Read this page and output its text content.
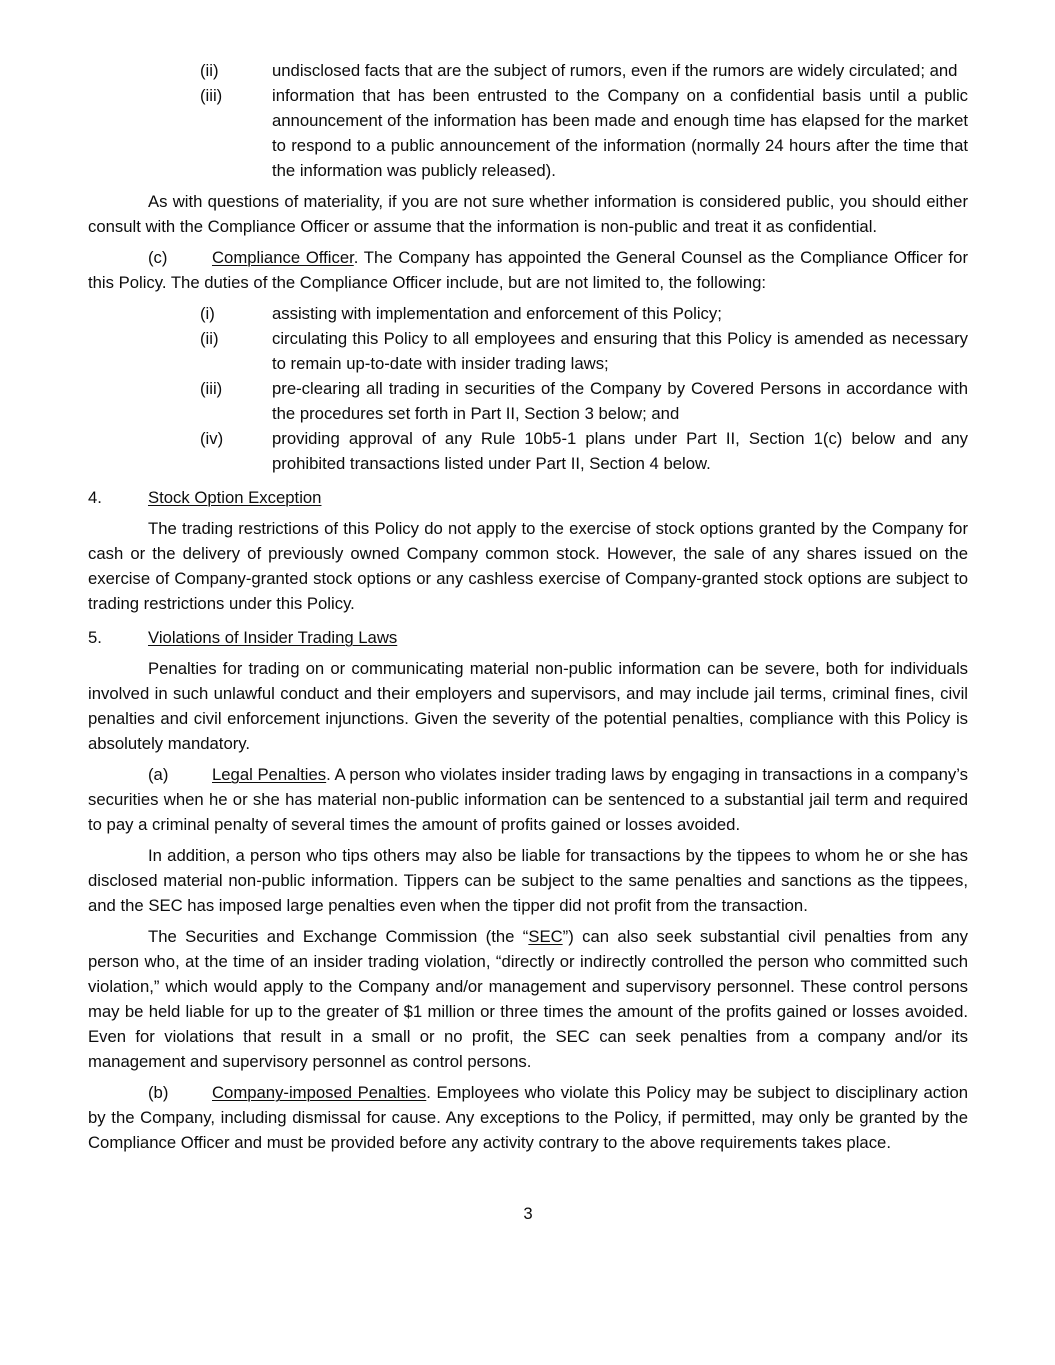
(ii)	undisclosed facts that are the subject of rumors, even if the rumors are widely circulated; and
(iii)	information that has been entrusted to the Company on a confidential basis until a public announcement of the information has been made and enough time has elapsed for the market to respond to a public announcement of the information (normally 24 hours after the time that the information was publicly released).

As with questions of materiality, if you are not sure whether information is considered public, you should either consult with the Compliance Officer or assume that the information is non-public and treat it as confidential.

(c)	Compliance Officer. The Company has appointed the General Counsel as the Compliance Officer for this Policy. The duties of the Compliance Officer include, but are not limited to, the following:

(i)	assisting with implementation and enforcement of this Policy;
(ii)	circulating this Policy to all employees and ensuring that this Policy is amended as necessary to remain up-to-date with insider trading laws;
(iii)	pre-clearing all trading in securities of the Company by Covered Persons in accordance with the procedures set forth in Part II, Section 3 below; and
(iv)	providing approval of any Rule 10b5-1 plans under Part II, Section 1(c) below and any prohibited transactions listed under Part II, Section 4 below.

4.	Stock Option Exception

The trading restrictions of this Policy do not apply to the exercise of stock options granted by the Company for cash or the delivery of previously owned Company common stock. However, the sale of any shares issued on the exercise of Company-granted stock options or any cashless exercise of Company-granted stock options are subject to trading restrictions under this Policy.

5.	Violations of Insider Trading Laws

Penalties for trading on or communicating material non-public information can be severe, both for individuals involved in such unlawful conduct and their employers and supervisors, and may include jail terms, criminal fines, civil penalties and civil enforcement injunctions. Given the severity of the potential penalties, compliance with this Policy is absolutely mandatory.

(a)	Legal Penalties. A person who violates insider trading laws by engaging in transactions in a company’s securities when he or she has material non-public information can be sentenced to a substantial jail term and required to pay a criminal penalty of several times the amount of profits gained or losses avoided.

In addition, a person who tips others may also be liable for transactions by the tippees to whom he or she has disclosed material non-public information. Tippers can be subject to the same penalties and sanctions as the tippees, and the SEC has imposed large penalties even when the tipper did not profit from the transaction.

The Securities and Exchange Commission (the “SEC”) can also seek substantial civil penalties from any person who, at the time of an insider trading violation, “directly or indirectly controlled the person who committed such violation,” which would apply to the Company and/or management and supervisory personnel. These control persons may be held liable for up to the greater of $1 million or three times the amount of the profits gained or losses avoided. Even for violations that result in a small or no profit, the SEC can seek penalties from a company and/or its management and supervisory personnel as control persons.

(b)	Company-imposed Penalties. Employees who violate this Policy may be subject to disciplinary action by the Company, including dismissal for cause. Any exceptions to the Policy, if permitted, may only be granted by the Compliance Officer and must be provided before any activity contrary to the above requirements takes place.

3
